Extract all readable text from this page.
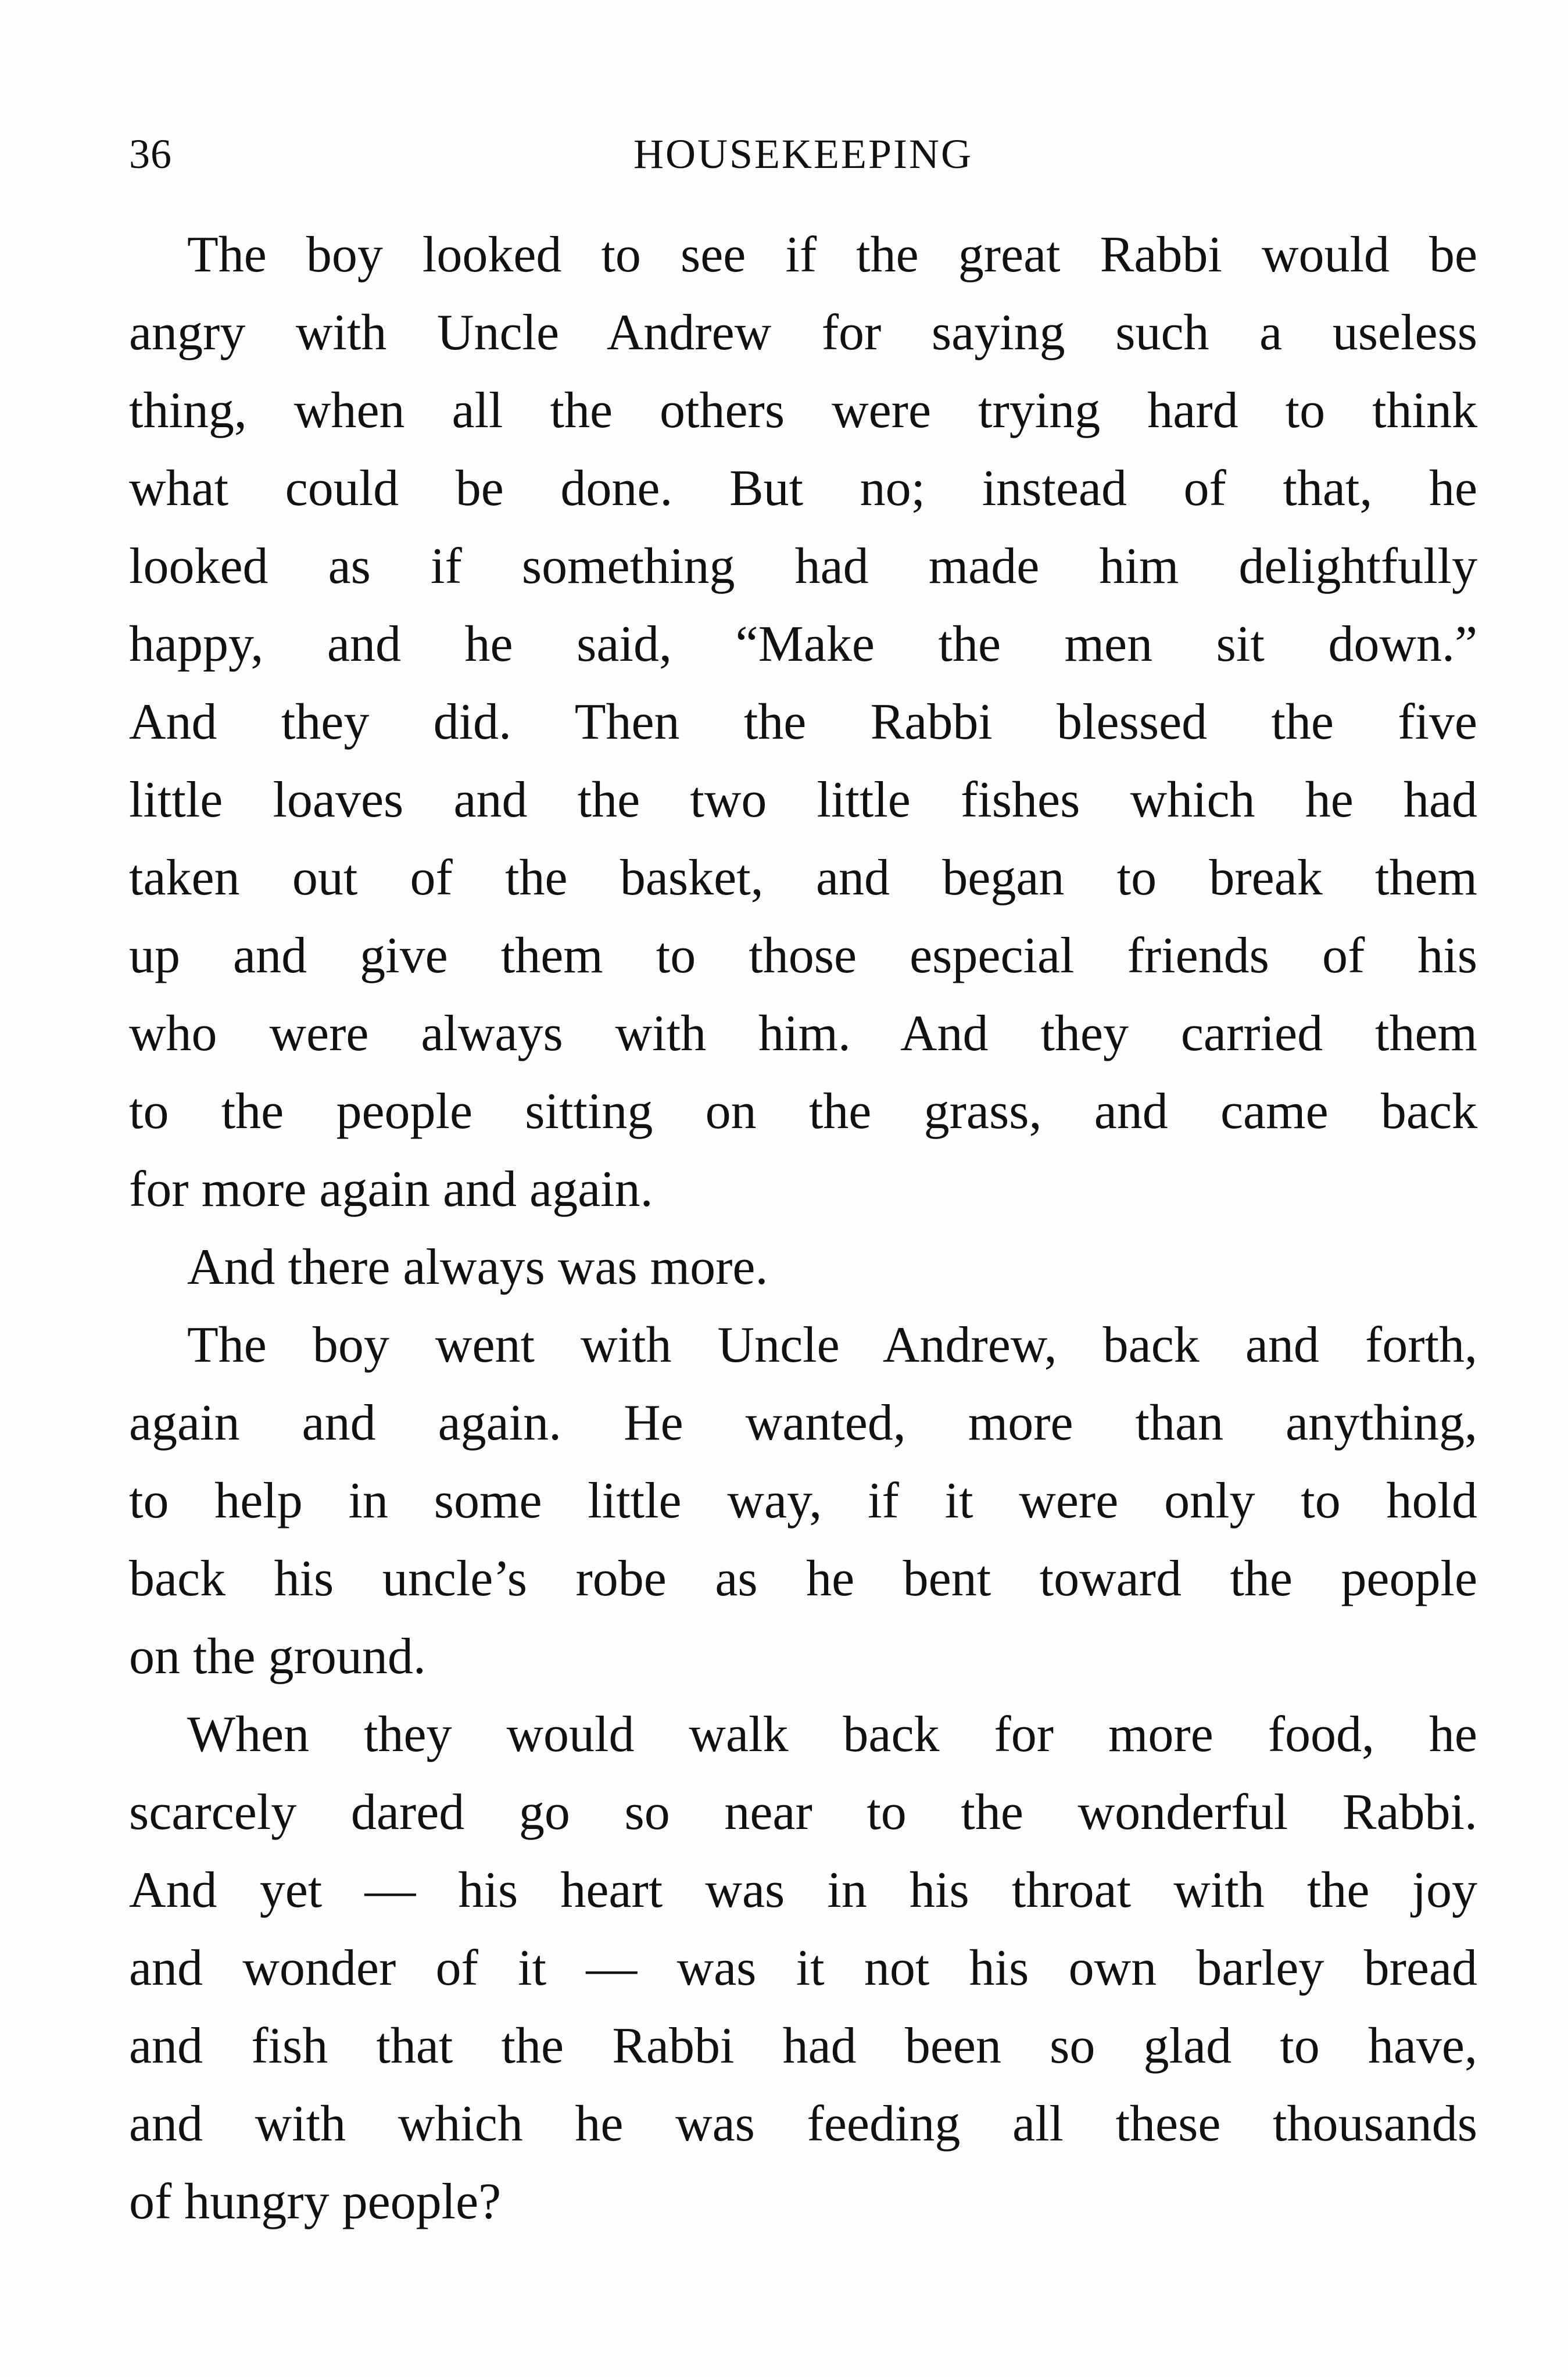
36	HOUSEKEEPING
The boy looked to see if the great Rabbi would be
angry with Uncle Andrew for saying such a useless
thing, when all the others were trying hard to think
what could be done. But no; instead of that, he
looked as if something had made him delightfully
happy, and he said, “Make the men sit down.”
And they did. Then the Rabbi blessed the five
little loaves and the two little fishes which he had
taken out of the basket, and began to break them
up and give them to those especial friends of his
who were always with him. And they carried them
to the people sitting on the grass, and came back
for more again and again.
And there always was more.
The boy went with Uncle Andrew, back and forth,
again and again. He wanted, more than anything,
to help in some little way, if it were only to hold
back his uncle’s robe as he bent toward the people
on the ground.
When they would walk back for more food, he
scarcely dared go so near to the wonderful Rabbi.
And yet — his heart was in his throat with the joy
and wonder of it — was it not his own barley bread
and fish that the Rabbi had been so glad to have,
and with which he was feeding all these thousands
of hungry people?
